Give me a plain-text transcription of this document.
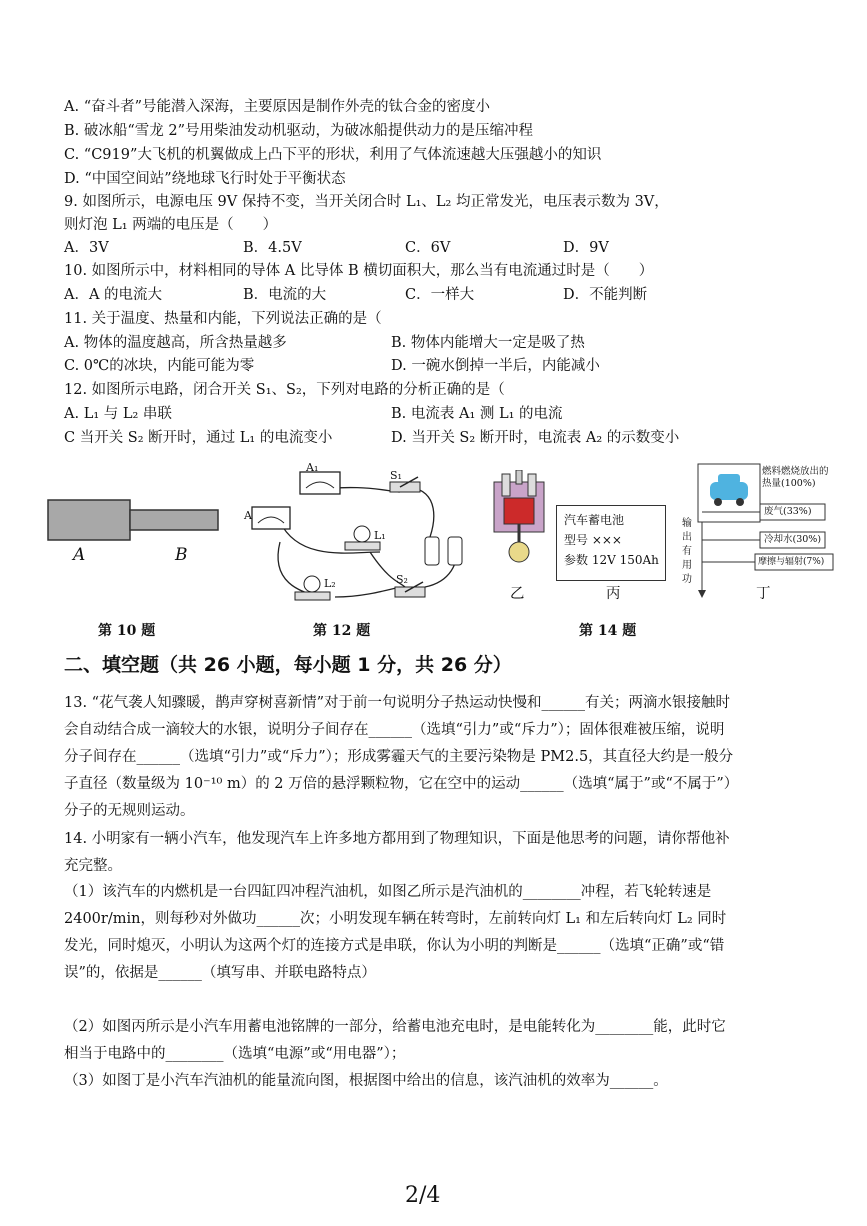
A. “奋斗者”号能潜入深海，主要原因是制作外壳的钛合金的密度小
B. 破冰船“雪龙 2”号用柴油发动机驱动，为破冰船提供动力的是压缩冲程
C. “C919”大飞机的机翼做成上凸下平的形状，利用了气体流速越大压强越小的知识
D. “中国空间站”绕地球飞行时处于平衡状态
9. 如图所示，电源电压 9V 保持不变，当开关闭合时 L₁、L₂ 均正常发光，电压表示数为 3V，
则灯泡 L₁ 两端的电压是（　　）
A．3V	B．4.5V	C．6V	D．9V
10. 如图所示中，材料相同的导体 A 比导体 B 横切面积大，那么当有电流通过时是（　　）
A．A 的电流大	B．电流的大	C．一样大	D．不能判断
11. 关于温度、热量和内能，下列说法正确的是（
A. 物体的温度越高，所含热量越多	B. 物体内能增大一定是吸了热
C. 0℃的冰块，内能可能为零	D. 一碗水倒掉一半后，内能减小
12. 如图所示电路，闭合开关 S₁、S₂，下列对电路的分析正确的是（
A. L₁ 与 L₂ 串联	B. 电流表 A₁ 测 L₁ 的电流
C 当开关 S₂ 断开时，通过 L₁ 的电流变小	D. 当开关 S₂ 断开时，电流表 A₂ 的示数变小
A	B
A₁
A
S₁
L₁
L₂	S₂
乙
汽车蓄电池
型号 ×××
参数 12V 150Ah
丙
燃料燃烧放出的热量(100%)
废气(33%)
冷却水(30%)
摩擦与辐射(7%)
输出有用功
丁
第 10 题	第 12 题	第 14 题
二、填空题（共 26 小题，每小题 1 分，共 26 分）
13. “花气袭人知骤暖，鹊声穿树喜新情”对于前一句说明分子热运动快慢和______有关；两滴水银接触时会自动结合成一滴较大的水银，说明分子间存在______（选填“引力”或“斥力”）；固体很难被压缩，说明分子间存在______（选填“引力”或“斥力”）；形成雾霾天气的主要污染物是 PM2.5，其直径大约是一般分子直径（数量级为 10⁻¹⁰ m）的 2 万倍的悬浮颗粒物，它在空中的运动______（选填“属于”或“不属于”）分子的无规则运动。
14. 小明家有一辆小汽车，他发现汽车上许多地方都用到了物理知识，下面是他思考的问题，请你帮他补充完整。
（1）该汽车的内燃机是一台四缸四冲程汽油机，如图乙所示是汽油机的________冲程，若飞轮转速是 2400r/min，则每秒对外做功______次；小明发现车辆在转弯时，左前转向灯 L₁ 和左后转向灯 L₂ 同时发光，同时熄灭，小明认为这两个灯的连接方式是串联，你认为小明的判断是______（选填“正确”或“错误”的，依据是______（填写串、并联电路特点）
（2）如图丙所示是小汽车用蓄电池铭牌的一部分，给蓄电池充电时，是电能转化为________能，此时它相当于电路中的________（选填“电源”或“用电器”）；
（3）如图丁是小汽车汽油机的能量流向图，根据图中给出的信息，该汽油机的效率为______。
2/4
